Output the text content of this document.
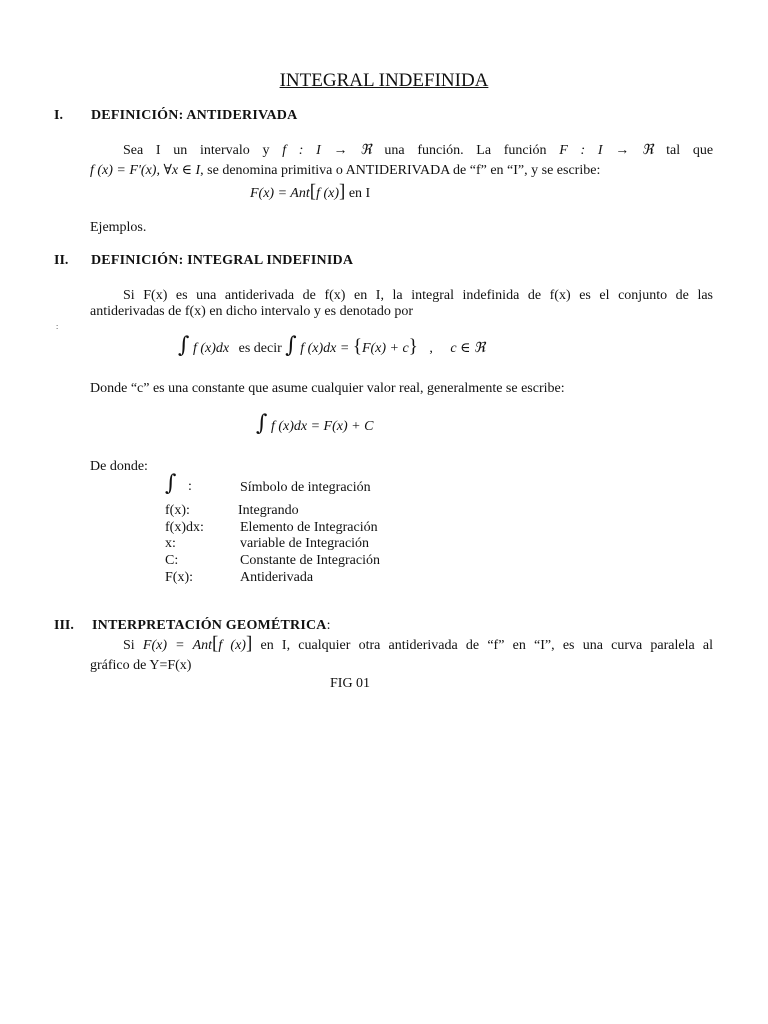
INTEGRAL INDEFINIDA
I. DEFINICIÓN: ANTIDERIVADA
Sea I un intervalo y f : I → ℜ una función. La función F : I → ℜ tal que
f (x) = F'(x), ∀x ∈ I, se denomina primitiva o ANTIDERIVADA de “f” en “I”, y se escribe:
F(x) = Ant[f (x)] en I
Ejemplos.
II. DEFINICIÓN: INTEGRAL INDEFINIDA
Si F(x) es una antiderivada de f(x) en I, la integral indefinida de f(x) es el conjunto de las
antiderivadas de f(x) en dicho intervalo y es denotado por
:
∫ f (x)dx es decir ∫ f (x)dx = {F(x) + c} , c ∈ ℜ
Donde “c” es una constante que asume cualquier valor real, generalmente se escribe:
∫ f (x)dx = F(x) + C
De donde:
∫ :	Símbolo de integración
f(x):	Integrando
f(x)dx:	Elemento de Integración
x:	variable de Integración
C:	Constante de Integración
F(x):	Antiderivada
III. INTERPRETACIÓN GEOMÉTRICA:
Si F(x) = Ant[f (x)] en I, cualquier otra antiderivada de “f” en “I”, es una curva paralela al
gráfico de Y=F(x)
FIG 01
